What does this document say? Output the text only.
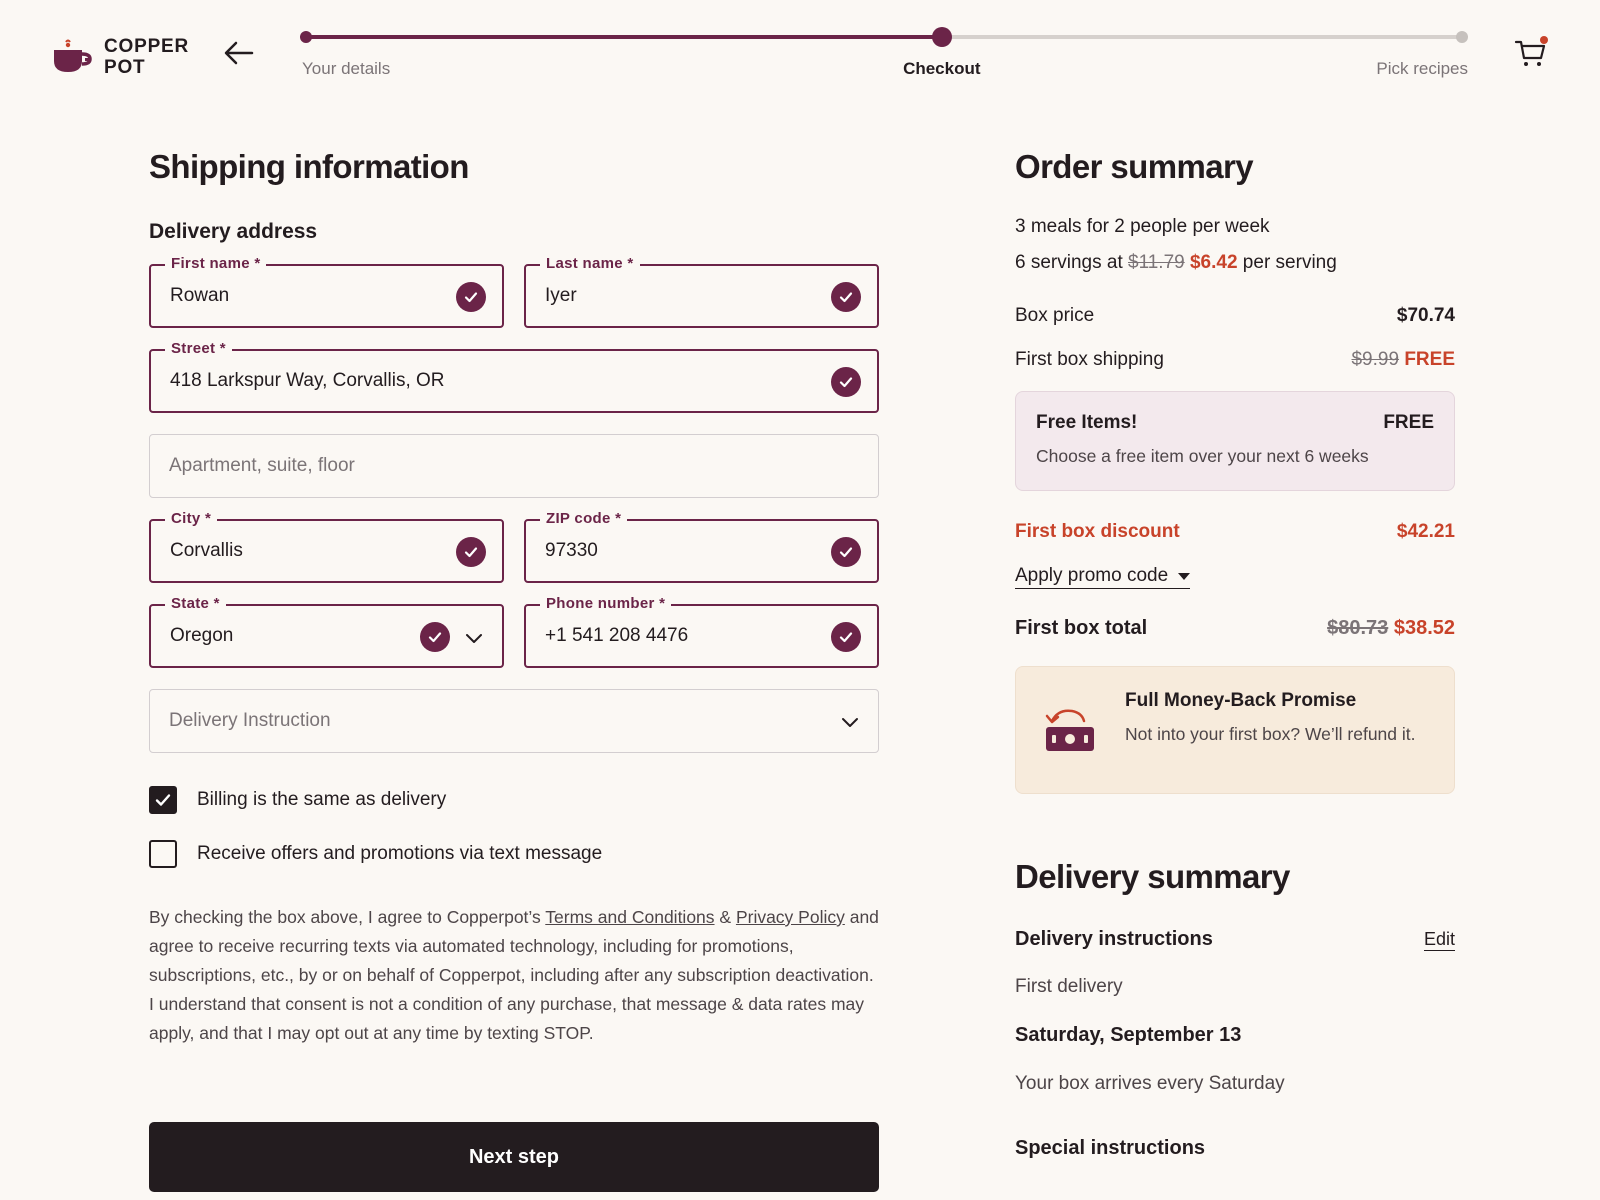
COPPER
POT	Your details	Checkout	Pick recipes
Shipping information
Delivery address
First name *
Rowan
Last name *
Iyer
Street *
418 Larkspur Way, Corvallis, OR
Apartment, suite, floor
City *
Corvallis
ZIP code *
97330
State *
Oregon
Phone number *
+1 541 208 4476
Delivery Instruction
Billing is the same as delivery
Receive offers and promotions via text message

By checking the box above, I agree to Copperpot’s Terms and Conditions & Privacy Policy and agree to receive recurring texts via automated technology, including for promotions, subscriptions, etc., by or on behalf of Copperpot, including after any subscription deactivation. I understand that consent is not a condition of any purchase, that message & data rates may apply, and that I may opt out at any time by texting STOP.

Next step
Order summary
3 meals for 2 people per week
6 servings at $11.79 $6.42 per serving
Box price	$70.74
First box shipping	$9.99 FREE
Free Items!	FREE
Choose a free item over your next 6 weeks
First box discount	$42.21
Apply promo code
First box total	$80.73 $38.52
Full Money-Back Promise
Not into your first box? We’ll refund it.
Delivery summary
Delivery instructions	Edit
First delivery
Saturday, September 13
Your box arrives every Saturday
Special instructions
